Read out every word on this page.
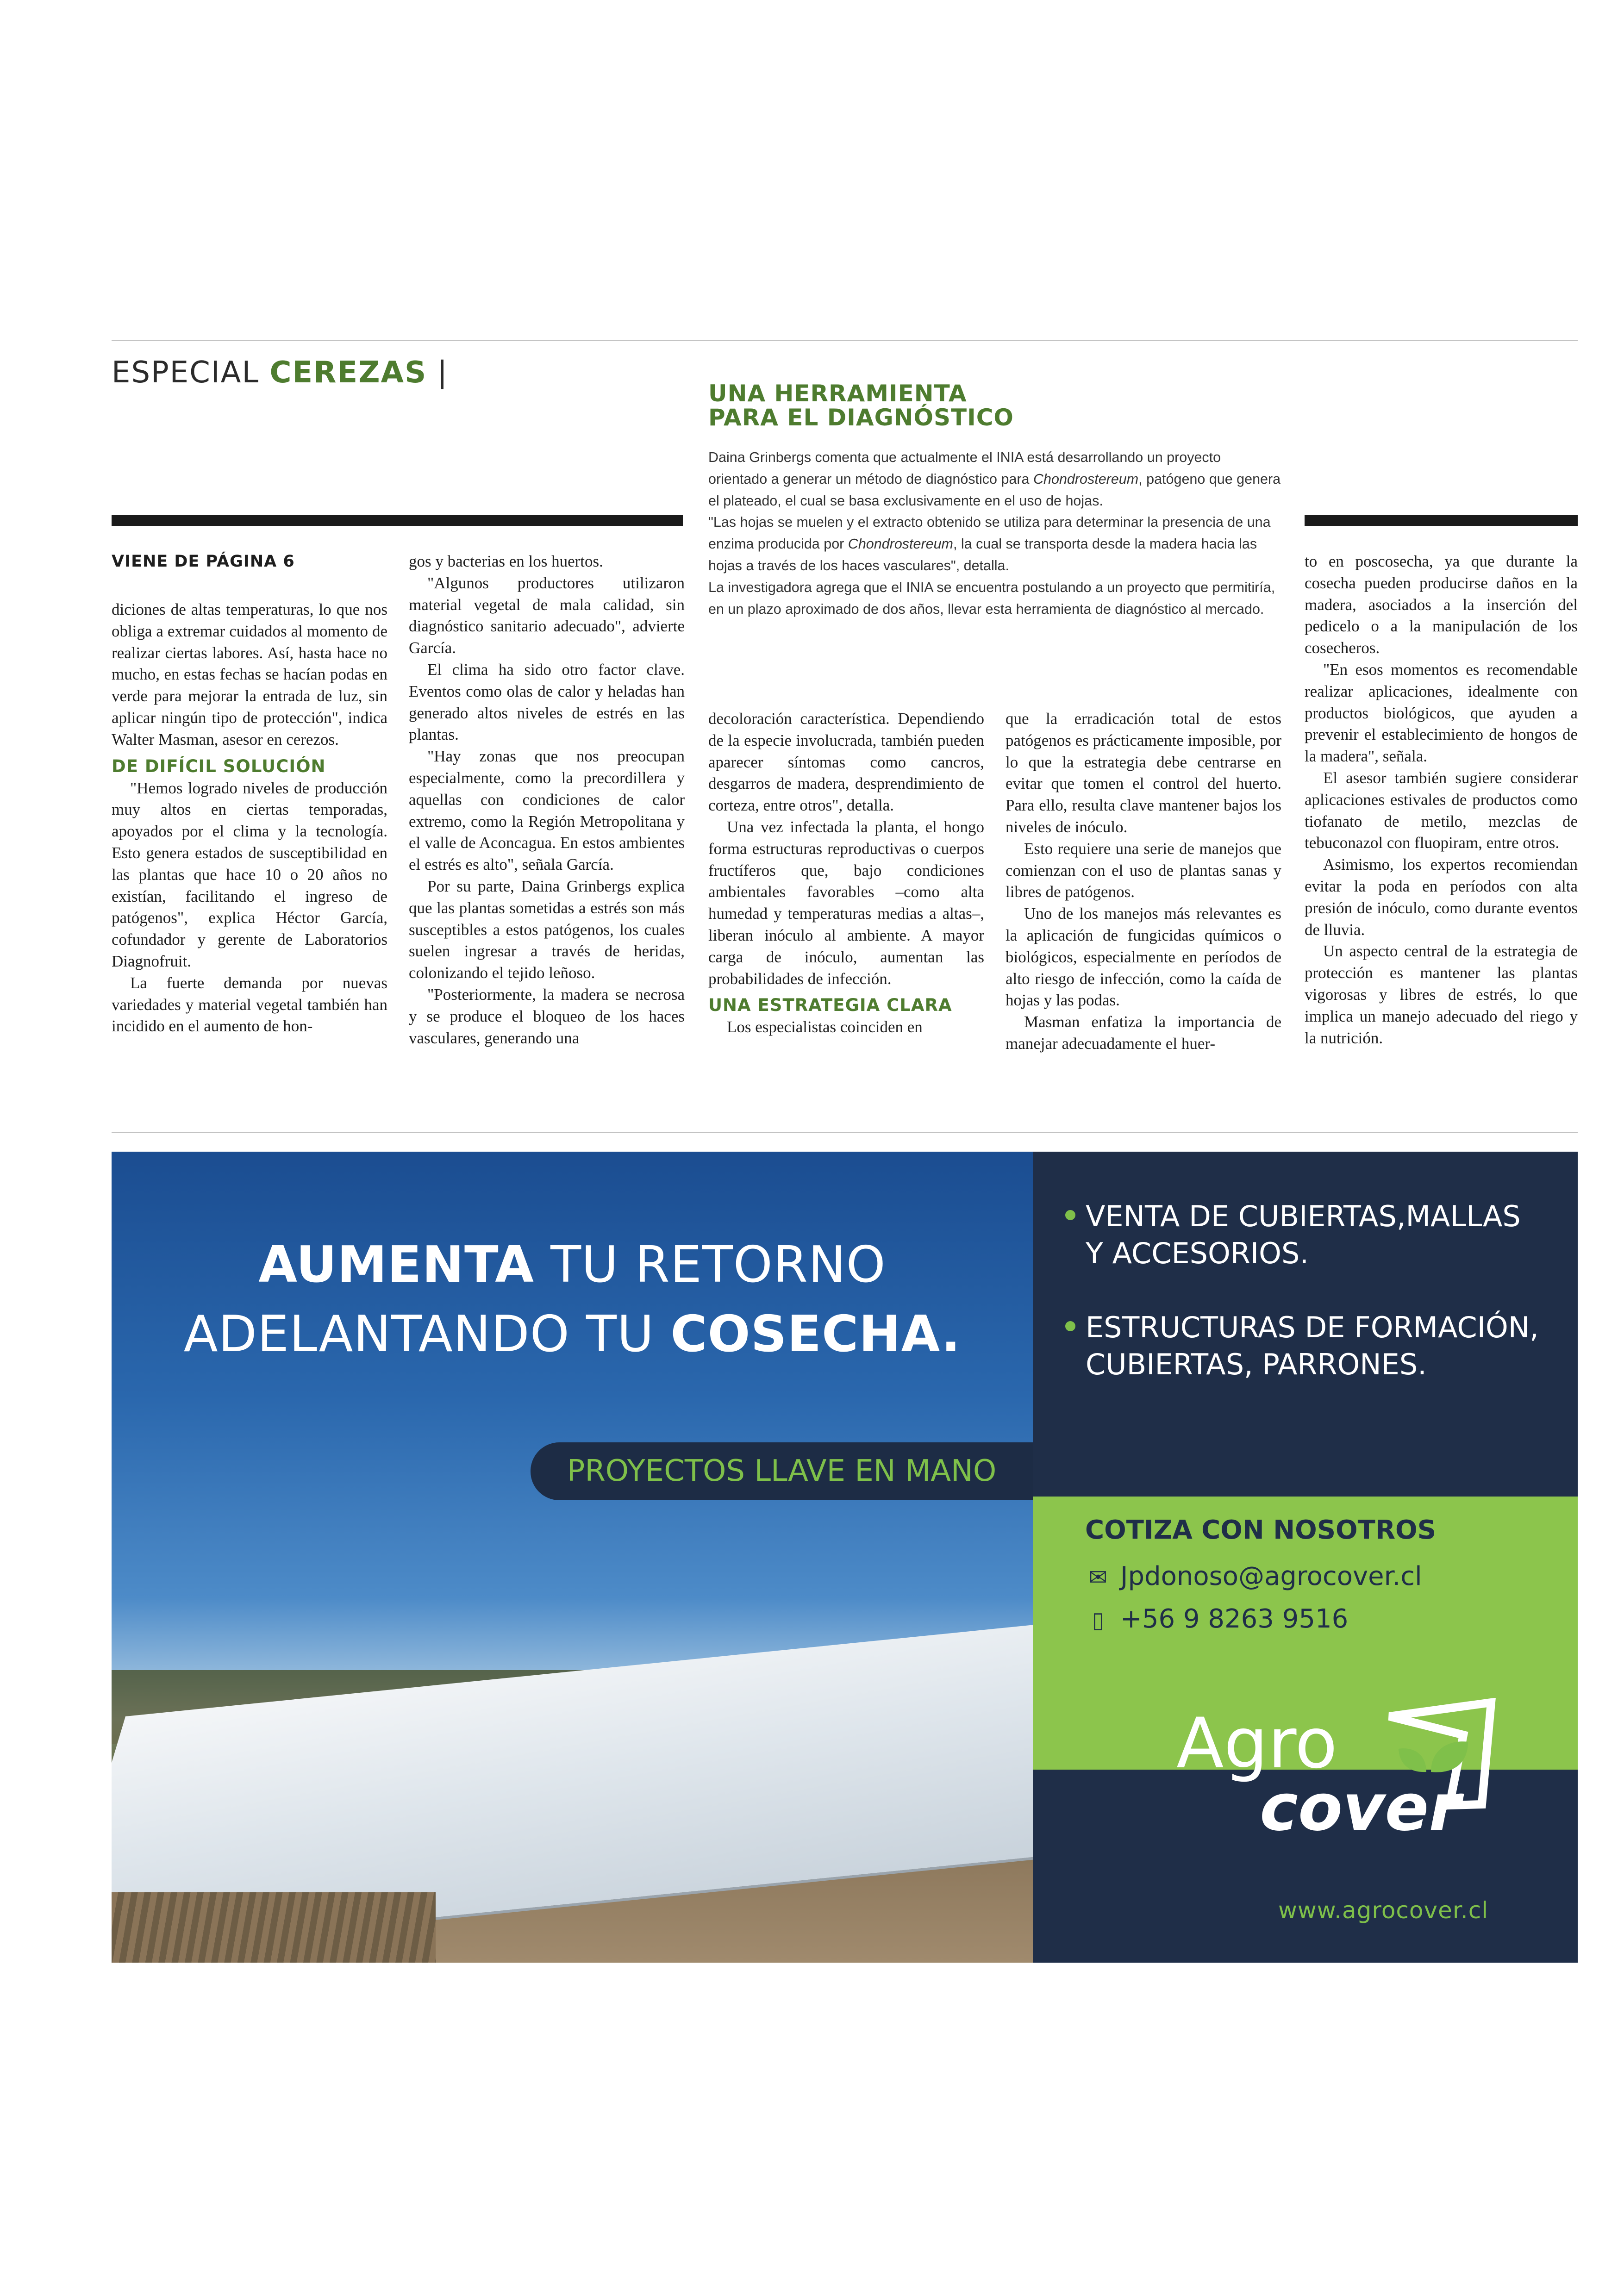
ESPECIAL CEREZAS |
UNA HERRAMIENTA
PARA EL DIAGNÓSTICO

Daina Grinbergs comenta que actualmente el INIA está desarrollando un proyecto orientado a generar un método de diagnóstico para Chondrostereum, patógeno que genera el plateado, el cual se basa exclusivamente en el uso de hojas.

"Las hojas se muelen y el extracto obtenido se utiliza para determinar la presencia de una enzima producida por Chondrostereum, la cual se transporta desde la madera hacia las hojas a través de los haces vasculares", detalla.

La investigadora agrega que el INIA se encuentra postulando a un proyecto que permitiría, en un plazo aproximado de dos años, llevar esta herramienta de diagnóstico al mercado.

VIENE DE PÁGINA 6

diciones de altas temperaturas, lo que nos obliga a extremar cuidados al momento de realizar ciertas labores. Así, hasta hace no mucho, en estas fechas se hacían podas en verde para mejorar la entrada de luz, sin aplicar ningún tipo de protección", indica Walter Masman, asesor en cerezos.

DE DIFÍCIL SOLUCIÓN

"Hemos logrado niveles de producción muy altos en ciertas temporadas, apoyados por el clima y la tecnología. Esto genera estados de susceptibilidad en las plantas que hace 10 o 20 años no existían, facilitando el ingreso de patógenos", explica Héctor García, cofundador y gerente de Laboratorios Diagnofruit.

La fuerte demanda por nuevas variedades y material vegetal también han incidido en el aumento de hon-

gos y bacterias en los huertos.

"Algunos productores utilizaron material vegetal de mala calidad, sin diagnóstico sanitario adecuado", advierte García.

El clima ha sido otro factor clave. Eventos como olas de calor y heladas han generado altos niveles de estrés en las plantas.

"Hay zonas que nos preocupan especialmente, como la precordillera y aquellas con condiciones de calor extremo, como la Región Metropolitana y el valle de Aconcagua. En estos ambientes el estrés es alto", señala García.

Por su parte, Daina Grinbergs explica que las plantas sometidas a estrés son más susceptibles a estos patógenos, los cuales suelen ingresar a través de heridas, colonizando el tejido leñoso.

"Posteriormente, la madera se necrosa y se produce el bloqueo de los haces vasculares, generando una

decoloración característica. Dependiendo de la especie involucrada, también pueden aparecer síntomas como cancros, desgarros de madera, desprendimiento de corteza, entre otros", detalla.

Una vez infectada la planta, el hongo forma estructuras reproductivas o cuerpos fructíferos que, bajo condiciones ambientales favorables –como alta humedad y temperaturas medias a altas–, liberan inóculo al ambiente. A mayor carga de inóculo, aumentan las probabilidades de infección.

UNA ESTRATEGIA CLARA

Los especialistas coinciden en

que la erradicación total de estos patógenos es prácticamente imposible, por lo que la estrategia debe centrarse en evitar que tomen el control del huerto. Para ello, resulta clave mantener bajos los niveles de inóculo.

Esto requiere una serie de manejos que comienzan con el uso de plantas sanas y libres de patógenos.

Uno de los manejos más relevantes es la aplicación de fungicidas químicos o biológicos, especialmente en períodos de alto riesgo de infección, como la caída de hojas y las podas.

Masman enfatiza la importancia de manejar adecuadamente el huer-

to en poscosecha, ya que durante la cosecha pueden producirse daños en la madera, asociados a la inserción del pedicelo o a la manipulación de los cosecheros.

"En esos momentos es recomendable realizar aplicaciones, idealmente con productos biológicos, que ayuden a prevenir el establecimiento de hongos de la madera", señala.

El asesor también sugiere considerar aplicaciones estivales de productos como tiofanato de metilo, mezclas de tebuconazol con fluopiram, entre otros.

Asimismo, los expertos recomiendan evitar la poda en períodos con alta presión de inóculo, como durante eventos de lluvia.

Un aspecto central de la estrategia de protección es mantener las plantas vigorosas y libres de estrés, lo que implica un manejo adecuado del riego y la nutrición.

AUMENTA TU RETORNO
ADELANTANDO TU COSECHA.
PROYECTOS LLAVE EN MANO
VENTA DE CUBIERTAS,MALLAS
Y ACCESORIOS.
ESTRUCTURAS DE FORMACIÓN,
CUBIERTAS, PARRONES.
COTIZA CON NOSOTROS
✉ Jpdonoso@agrocover.cl
▯ +56 9 8263 9516
Agro
cover
www.agrocover.cl
